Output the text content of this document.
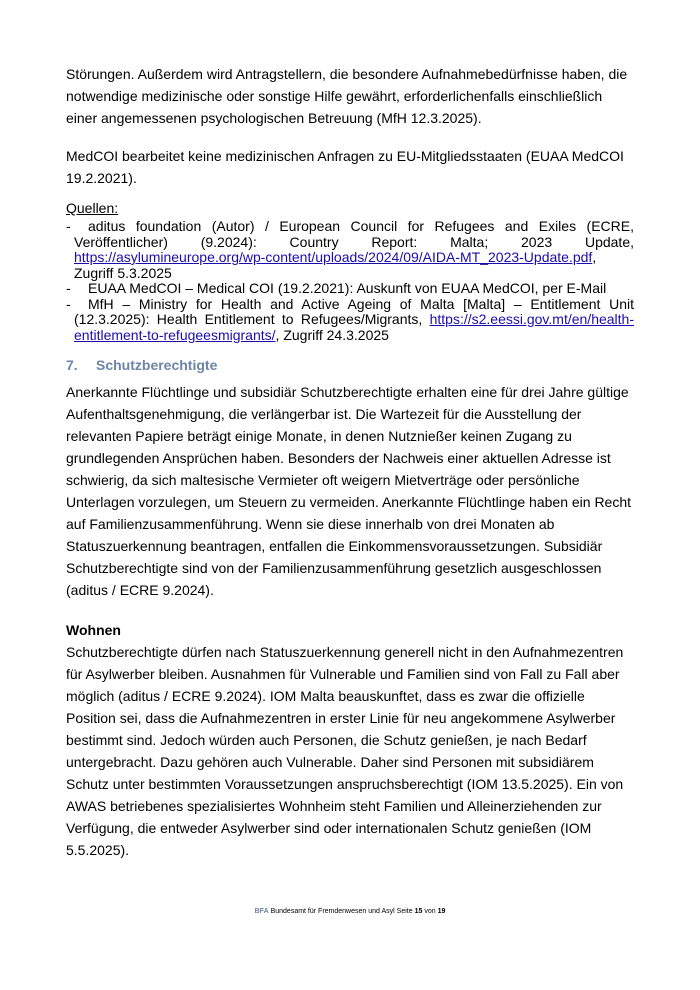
Störungen. Außerdem wird Antragstellern, die besondere Aufnahmebedürfnisse haben, die notwendige medizinische oder sonstige Hilfe gewährt, erforderlichenfalls einschließlich einer angemessenen psychologischen Betreuung (MfH 12.3.2025).

MedCOI bearbeitet keine medizinischen Anfragen zu EU-Mitgliedsstaaten (EUAA MedCOI 19.2.2021).

Quellen:
-	aditus foundation (Autor) / European Council for Refugees and Exiles (ECRE, Veröffentlicher) (9.2024): Country Report: Malta; 2023 Update, https://asylumineurope.org/wp-content/uploads/2024/09/AIDA-MT_2023-Update.pdf, Zugriff 5.3.2025
-	EUAA MedCOI – Medical COI (19.2.2021): Auskunft von EUAA MedCOI, per E-Mail
-	MfH – Ministry for Health and Active Ageing of Malta [Malta] – Entitlement Unit (12.3.2025): Health Entitlement to Refugees/Migrants, https://s2.eessi.gov.mt/en/health-entitlement-to-refugeesmigrants/, Zugriff 24.3.2025
7. Schutzberechtigte

Anerkannte Flüchtlinge und subsidiär Schutzberechtigte erhalten eine für drei Jahre gültige Aufenthaltsgenehmigung, die verlängerbar ist. Die Wartezeit für die Ausstellung der relevanten Papiere beträgt einige Monate, in denen Nutznießer keinen Zugang zu grundlegenden Ansprüchen haben. Besonders der Nachweis einer aktuellen Adresse ist schwierig, da sich maltesische Vermieter oft weigern Mietverträge oder persönliche Unterlagen vorzulegen, um Steuern zu vermeiden. Anerkannte Flüchtlinge haben ein Recht auf Familienzusammenführung. Wenn sie diese innerhalb von drei Monaten ab Statuszuerkennung beantragen, entfallen die Einkommensvoraussetzungen. Subsidiär Schutzberechtigte sind von der Familienzusammenführung gesetzlich ausgeschlossen (aditus / ECRE 9.2024).

Wohnen

Schutzberechtigte dürfen nach Statuszuerkennung generell nicht in den Aufnahmezentren für Asylwerber bleiben. Ausnahmen für Vulnerable und Familien sind von Fall zu Fall aber möglich (aditus / ECRE 9.2024). IOM Malta beauskunftet, dass es zwar die offizielle Position sei, dass die Aufnahmezentren in erster Linie für neu angekommene Asylwerber bestimmt sind. Jedoch würden auch Personen, die Schutz genießen, je nach Bedarf untergebracht. Dazu gehören auch Vulnerable. Daher sind Personen mit subsidiärem Schutz unter bestimmten Voraussetzungen anspruchsberechtigt (IOM 13.5.2025). Ein von AWAS betriebenes spezialisiertes Wohnheim steht Familien und Alleinerziehenden zur Verfügung, die entweder Asylwerber sind oder internationalen Schutz genießen (IOM 5.5.2025).

BFA Bundesamt für Fremdenwesen und Asyl Seite 15 von 19
